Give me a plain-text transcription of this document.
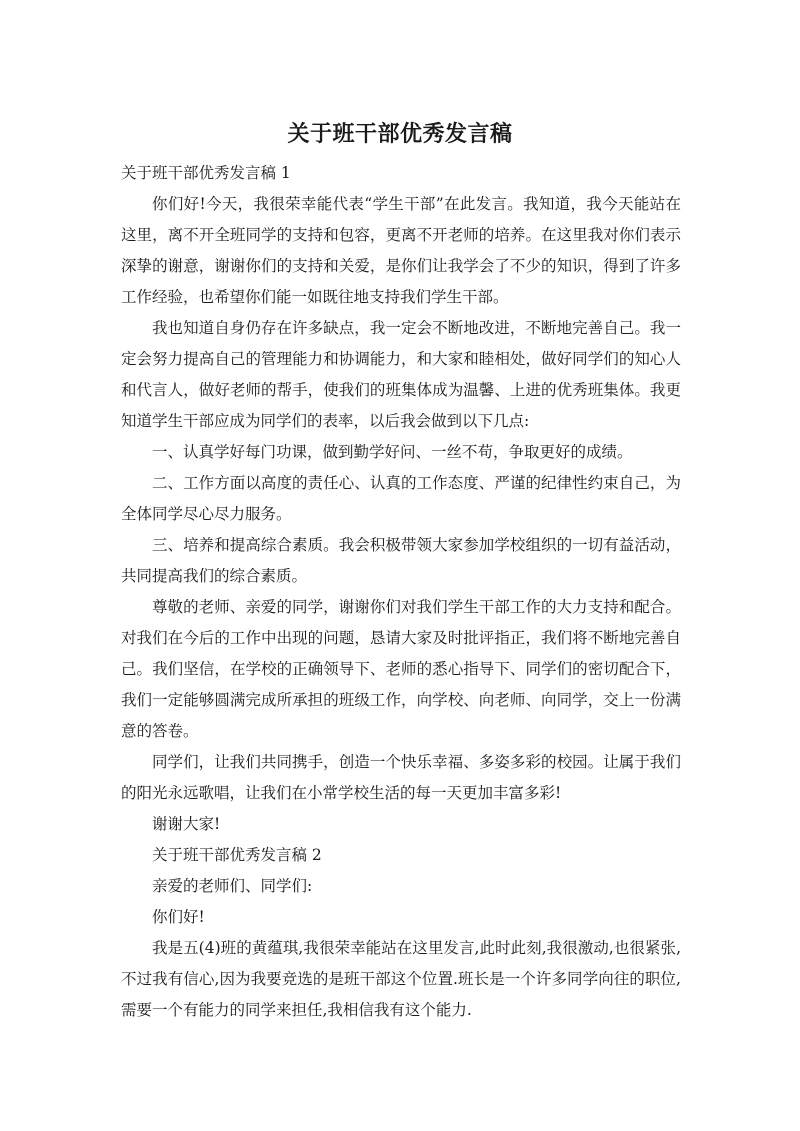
关于班干部优秀发言稿

关于班干部优秀发言稿 1

你们好!今天，我很荣幸能代表“学生干部”在此发言。我知道，我今天能站在这里，离不开全班同学的支持和包容，更离不开老师的培养。在这里我对你们表示深挚的谢意，谢谢你们的支持和关爱，是你们让我学会了不少的知识，得到了许多工作经验，也希望你们能一如既往地支持我们学生干部。

我也知道自身仍存在许多缺点，我一定会不断地改进，不断地完善自己。我一定会努力提高自己的管理能力和协调能力，和大家和睦相处，做好同学们的知心人和代言人，做好老师的帮手，使我们的班集体成为温馨、上进的优秀班集体。我更知道学生干部应成为同学们的表率，以后我会做到以下几点:

一、认真学好每门功课，做到勤学好问、一丝不苟，争取更好的成绩。

二、工作方面以高度的责任心、认真的工作态度、严谨的纪律性约束自己，为全体同学尽心尽力服务。

三、培养和提高综合素质。我会积极带领大家参加学校组织的一切有益活动，共同提高我们的综合素质。

尊敬的老师、亲爱的同学，谢谢你们对我们学生干部工作的大力支持和配合。对我们在今后的工作中出现的问题，恳请大家及时批评指正，我们将不断地完善自己。我们坚信，在学校的正确领导下、老师的悉心指导下、同学们的密切配合下，我们一定能够圆满完成所承担的班级工作，向学校、向老师、向同学，交上一份满意的答卷。

同学们，让我们共同携手，创造一个快乐幸福、多姿多彩的校园。让属于我们的阳光永远歌唱，让我们在小常学校生活的每一天更加丰富多彩!

谢谢大家!

关于班干部优秀发言稿 2

亲爱的老师们、同学们:

你们好!

我是五(4)班的黄蕴琪,我很荣幸能站在这里发言,此时此刻,我很激动,也很紧张,不过我有信心,因为我要竞选的是班干部这个位置.班长是一个许多同学向往的职位,需要一个有能力的同学来担任,我相信我有这个能力.
